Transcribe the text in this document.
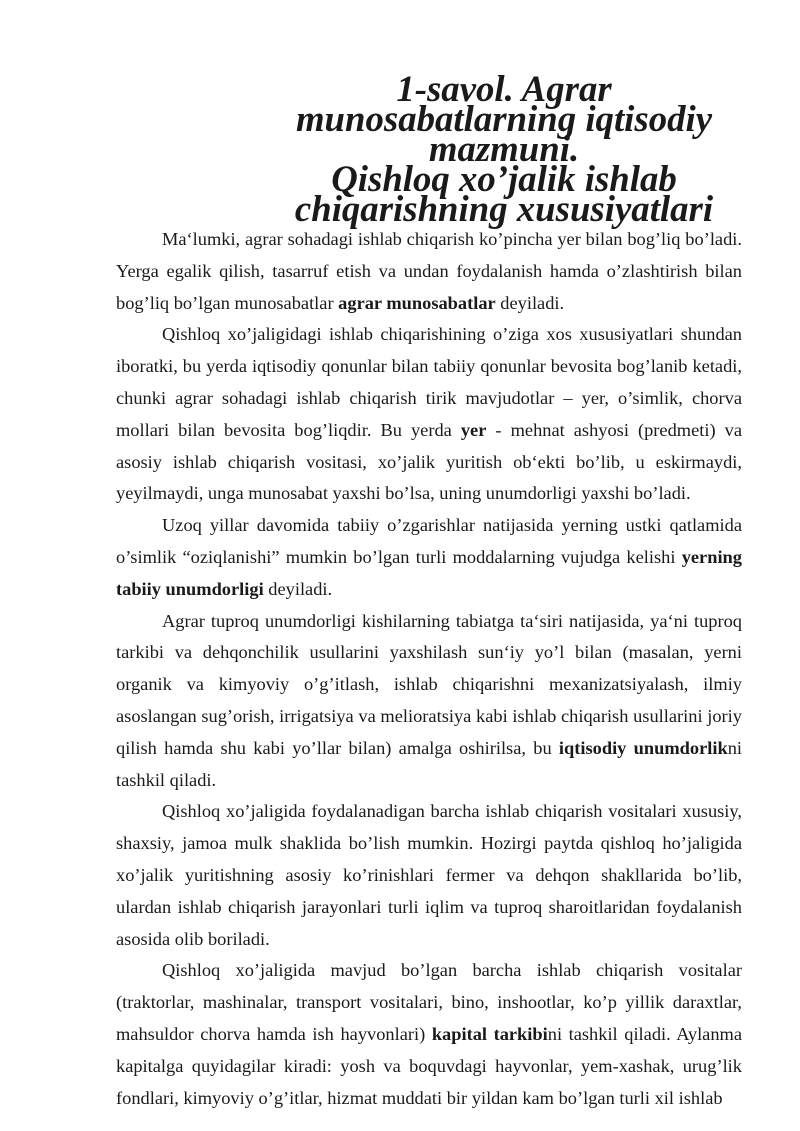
1-savol. Agrar munosabatlarning iqtisodiy mazmuni.
Qishloq xo’jalik ishlab chiqarishning xususiyatlari

Ma‘lumki, agrar sohadagi ishlab chiqarish ko’pincha yer bilan bog’liq bo’ladi. Yerga egalik qilish, tasarruf etish va undan foydalanish hamda o’zlashtirish bilan bog’liq bo’lgan munosabatlar agrar munosabatlar deyiladi.

Qishloq xo’jaligidagi ishlab chiqarishining o’ziga xos xususiyatlari shundan iboratki, bu yerda iqtisodiy qonunlar bilan tabiiy qonunlar bevosita bog’lanib ketadi, chunki agrar sohadagi ishlab chiqarish tirik mavjudotlar – yer, o’simlik, chorva mollari bilan bevosita bog’liqdir. Bu yerda yer - mehnat ashyosi (predmeti) va asosiy ishlab chiqarish vositasi, xo’jalik yuritish ob‘ekti bo’lib, u eskirmaydi, yeyilmaydi, unga munosabat yaxshi bo’lsa, uning unumdorligi yaxshi bo’ladi.

Uzoq yillar davomida tabiiy o’zgarishlar natijasida yerning ustki qatlamida o’simlik “oziqlanishi” mumkin bo’lgan turli moddalarning vujudga kelishi yerning tabiiy unumdorligi deyiladi.

Agrar tuproq unumdorligi kishilarning tabiatga ta‘siri natijasida, ya‘ni tuproq tarkibi va dehqonchilik usullarini yaxshilash sun‘iy yo’l bilan (masalan, yerni organik va kimyoviy o’g’itlash, ishlab chiqarishni mexanizatsiyalash, ilmiy asoslangan sug’orish, irrigatsiya va melioratsiya kabi ishlab chiqarish usullarini joriy qilish hamda shu kabi yo’llar bilan) amalga oshirilsa, bu iqtisodiy unumdorlikni tashkil qiladi.

Qishloq xo’jaligida foydalanadigan barcha ishlab chiqarish vositalari xususiy, shaxsiy, jamoa mulk shaklida bo’lish mumkin. Hozirgi paytda qishloq ho’jaligida xo’jalik yuritishning asosiy ko’rinishlari fermer va dehqon shakllarida bo’lib, ulardan ishlab chiqarish jarayonlari turli iqlim va tuproq sharoitlaridan foydalanish asosida olib boriladi.

Qishloq xo’jaligida mavjud bo’lgan barcha ishlab chiqarish vositalar (traktorlar, mashinalar, transport vositalari, bino, inshootlar, ko’p yillik daraxtlar, mahsuldor chorva hamda ish hayvonlari) kapital tarkibini tashkil qiladi. Aylanma kapitalga quyidagilar kiradi: yosh va boquvdagi hayvonlar, yem-xashak, urug’lik fondlari, kimyoviy o’g’itlar, hizmat muddati bir yildan kam bo’lgan turli xil ishlab
